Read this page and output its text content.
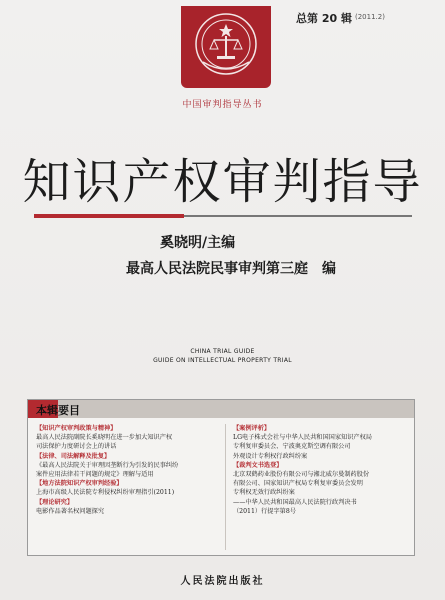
总第 20 辑 (2011.2)
中国审判指导丛书
知识产权审判指导
奚晓明/主编
最高人民法院民事审判第三庭　编
CHINA TRIAL GUIDE
GUIDE ON INTELLECTUAL PROPERTY TRIAL
本辑要目
【知识产权审判政策与精神】
最高人民法院副院长奚晓明在进一步加大知识产权
司法保护力度研讨会上的讲话
【法律、司法解释及批复】
《最高人民法院关于审理因垄断行为引发的民事纠纷
案件应用法律若干问题的规定》理解与适用
【地方法院知识产权审判经验】
上海市高级人民法院专利侵权纠纷审理指引(2011)
【理论研究】
电影作品著名权问题探究
【案例评析】
LG电子株式会社与中华人民共和国国家知识产权局
专利复审委员会、宁波奥克斯空调有限公司
外观设计专利权行政纠纷案
【裁判文书选登】
北京双鹤药业股份有限公司与湘北威尔曼制药股份
有限公司、国家知识产权局专利复审委员会发明
专利权无效行政纠纷案
——中华人民共和国最高人民法院行政判决书
（2011）行提字第8号
人民法院出版社
